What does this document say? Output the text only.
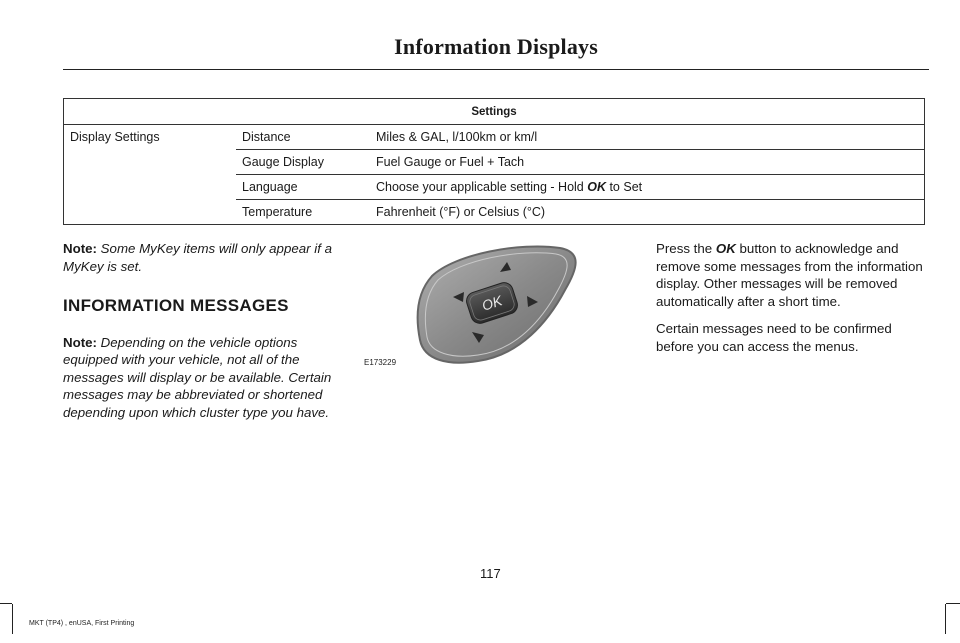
Information Displays
Settings		
Display Settings	Distance	Miles & GAL, l/100km or km/l
	Gauge Display	Fuel Gauge or Fuel + Tach
	Language	Choose your applicable setting - Hold OK to Set
	Temperature	Fahrenheit (°F) or Celsius (°C)

Note: Some MyKey items will only appear if a MyKey is set.

INFORMATION MESSAGES

Note: Depending on the vehicle options equipped with your vehicle, not all of the messages will display or be available. Certain messages may be abbreviated or shortened depending upon which cluster type you have.

OK
E173229

Press the OK button to acknowledge and remove some messages from the information display. Other messages will be removed automatically after a short time.

Certain messages need to be confirmed before you can access the menus.

117
MKT (TP4) , enUSA, First Printing
